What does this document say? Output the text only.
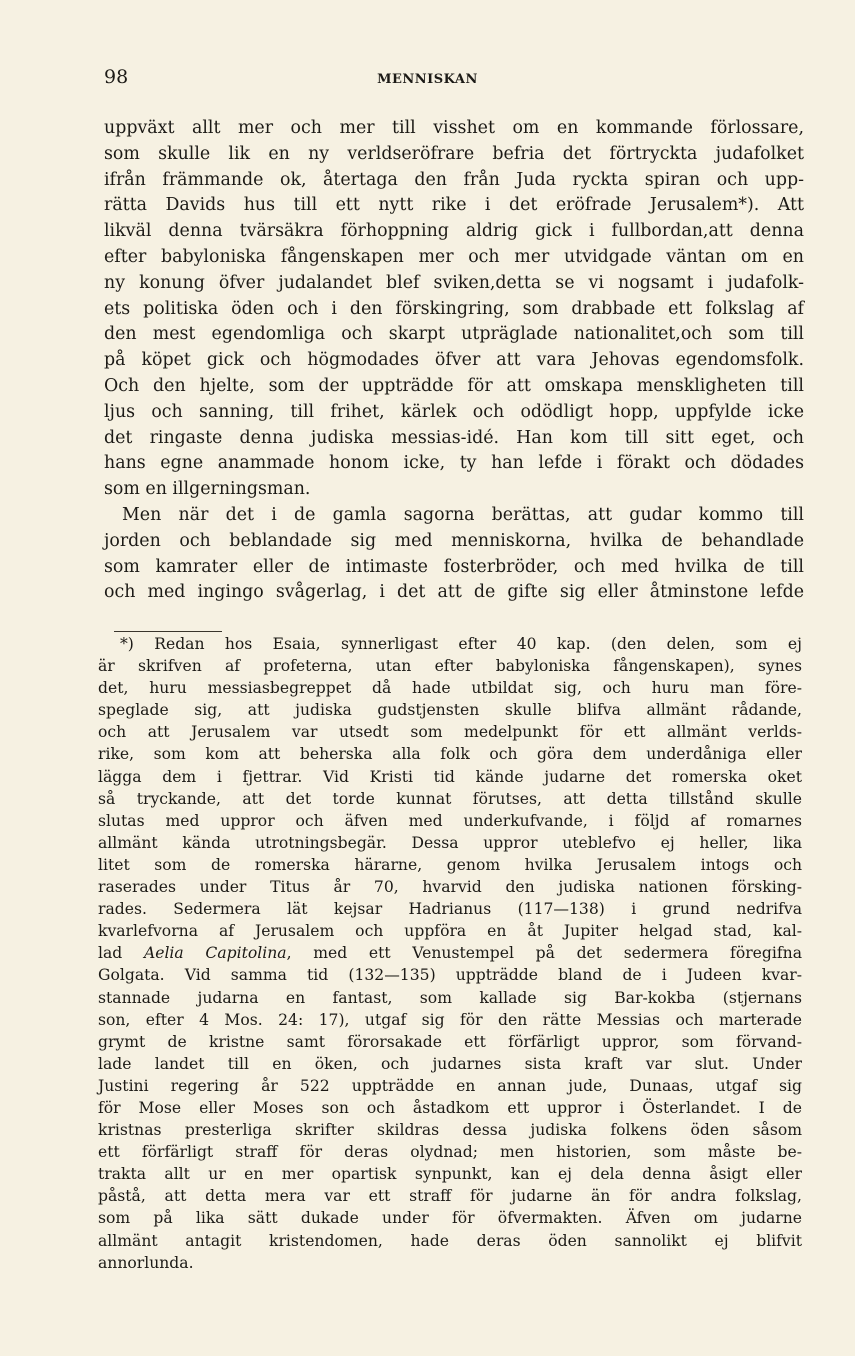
98	MENNISKAN
uppväxt allt mer och mer till visshet om en kommande förlossare,
som skulle lik en ny verldseröfrare befria det förtryckta judafolket
ifrån främmande ok, återtaga den från Juda ryckta spiran och upp-
rätta Davids hus till ett nytt rike i det eröfrade Jerusalem*). Att
likväl denna tvärsäkra förhoppning aldrig gick i fullbordan,att denna
efter babyloniska fångenskapen mer och mer utvidgade väntan om en
ny konung öfver judalandet blef sviken,detta se vi nogsamt i judafolk-
ets politiska öden och i den förskingring, som drabbade ett folkslag af
den mest egendomliga och skarpt utpräglade nationalitet,och som till
på köpet gick och högmodades öfver att vara Jehovas egendomsfolk.
Och den hjelte, som der uppträdde för att omskapa menskligheten till
ljus och sanning, till frihet, kärlek och odödligt hopp, uppfylde icke
det ringaste denna judiska messias-idé. Han kom till sitt eget, och
hans egne anammade honom icke, ty han lefde i förakt och dödades
som en illgerningsman.
Men när det i de gamla sagorna berättas, att gudar kommo till
jorden och beblandade sig med menniskorna, hvilka de behandlade
som kamrater eller de intimaste fosterbröder, och med hvilka de till
och med ingingo svågerlag, i det att de gifte sig eller åtminstone lefde
*) Redan hos Esaia, synnerligast efter 40 kap. (den delen, som ej
är skrifven af profeterna, utan efter babyloniska fångenskapen), synes
det, huru messiasbegreppet då hade utbildat sig, och huru man före-
speglade sig, att judiska gudstjensten skulle blifva allmänt rådande,
och att Jerusalem var utsedt som medelpunkt för ett allmänt verlds-
rike, som kom att beherska alla folk och göra dem underdåniga eller
lägga dem i fjettrar. Vid Kristi tid kände judarne det romerska oket
så tryckande, att det torde kunnat förutses, att detta tillstånd skulle
slutas med uppror och äfven med underkufvande, i följd af romarnes
allmänt kända utrotningsbegär. Dessa uppror uteblefvo ej heller, lika
litet som de romerska härarne, genom hvilka Jerusalem intogs och
raserades under Titus år 70, hvarvid den judiska nationen försking-
rades. Sedermera lät kejsar Hadrianus (117—138) i grund nedrifva
kvarlefvorna af Jerusalem och uppföra en åt Jupiter helgad stad, kal-
lad Aelia Capitolina, med ett Venustempel på det sedermera föregifna
Golgata. Vid samma tid (132—135) uppträdde bland de i Judeen kvar-
stannade judarna en fantast, som kallade sig Bar-kokba (stjernans
son, efter 4 Mos. 24: 17), utgaf sig för den rätte Messias och marterade
grymt de kristne samt förorsakade ett förfärligt uppror, som förvand-
lade landet till en öken, och judarnes sista kraft var slut. Under
Justini regering år 522 uppträdde en annan jude, Dunaas, utgaf sig
för Mose eller Moses son och åstadkom ett uppror i Österlandet. I de
kristnas presterliga skrifter skildras dessa judiska folkens öden såsom
ett förfärligt straff för deras olydnad; men historien, som måste be-
trakta allt ur en mer opartisk synpunkt, kan ej dela denna åsigt eller
påstå, att detta mera var ett straff för judarne än för andra folkslag,
som på lika sätt dukade under för öfvermakten. Äfven om judarne
allmänt antagit kristendomen, hade deras öden sannolikt ej blifvit
annorlunda.
